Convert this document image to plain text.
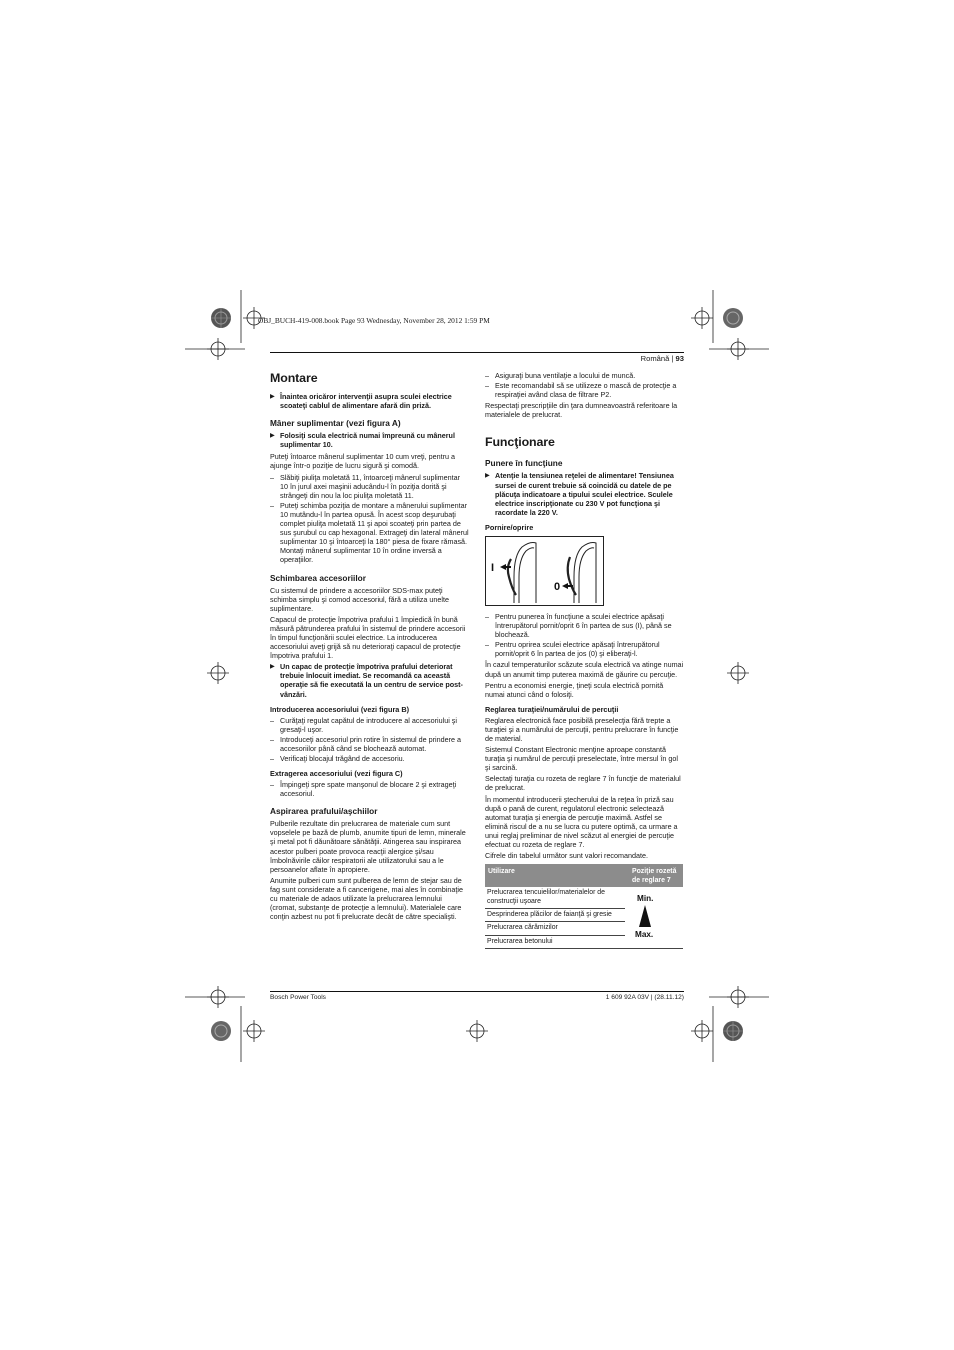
OBJ_BUCH-419-008.book Page 93 Wednesday, November 28, 2012 1:59 PM
Română | 93
Montare
▶ Înaintea oricăror intervenţii asupra sculei electrice scoateţi cablul de alimentare afară din priză.
Mâner suplimentar (vezi figura A)
▶ Folosiţi scula electrică numai împreună cu mânerul suplimentar 10.

Puteţi întoarce mânerul suplimentar 10 cum vreţi, pentru a ajunge într-o poziţie de lucru sigură şi comodă.

– Slăbiţi piuliţa moletată 11, întoarceţi mânerul suplimentar 10 în jurul axei maşinii aducându-l în poziţia dorită şi strângeţi din nou la loc piuliţa moletată 11.
– Puteţi schimba poziţia de montare a mânerului suplimentar 10 mutându-l în partea opusă. În acest scop deşurubaţi complet piuliţa moletată 11 şi apoi scoateţi prin partea de sus şurubul cu cap hexagonal. Extrageţi din lateral mânerul suplimentar 10 şi întoarceţi la 180° piesa de fixare rămasă. Montaţi mânerul suplimentar 10 în ordine inversă a operaţiilor.
Schimbarea accesoriilor

Cu sistemul de prindere a accesoriilor SDS-max puteţi schimba simplu şi comod accesoriul, fără a utiliza unelte suplimentare.

Capacul de protecţie împotriva prafului 1 împiedică în bună măsură pătrunderea prafului în sistemul de prindere accesorii în timpul funcţionării sculei electrice. La introducerea accesoriului aveţi grijă să nu deterioraţi capacul de protecţie împotriva prafului 1.

▶ Un capac de protecţie împotriva prafului deteriorat trebuie înlocuit imediat. Se recomandă ca această operaţie să fie executată la un centru de service post-vânzări.
Introducerea accesoriului (vezi figura B)
– Curăţaţi regulat capătul de introducere al accesoriului şi gresaţi-l uşor.
– Introduceţi accesoriul prin rotire în sistemul de prindere a accesoriilor până când se blochează automat.
– Verificaţi blocajul trăgând de accesoriu.
Extragerea accesoriului (vezi figura C)
– Împingeţi spre spate manşonul de blocare 2 şi extrageţi accesoriul.
Aspirarea prafului/aşchiilor

Pulberile rezultate din prelucrarea de materiale cum sunt vopselele pe bază de plumb, anumite tipuri de lemn, minerale şi metal pot fi dăunătoare sănătăţii. Atingerea sau inspirarea acestor pulberi poate provoca reacţii alergice şi/sau îmbolnăvirile căilor respiratorii ale utilizatorului sau a le persoanelor aflate în apropiere.

Anumite pulberi cum sunt pulberea de lemn de stejar sau de fag sunt considerate a fi cancerigene, mai ales în combinaţie cu materiale de adaos utilizate la prelucrarea lemnului (cromat, substanţe de protecţie a lemnului). Materialele care conţin azbest nu pot fi prelucrate decât de către specialişti.

– Asiguraţi buna ventilaţie a locului de muncă.
– Este recomandabil să se utilizeze o mască de protecţie a respiraţiei având clasa de filtrare P2.

Respectaţi prescripţiile din ţara dumneavoastră referitoare la materialele de prelucrat.

Funcţionare
Punere în funcţiune
▶ Atenţie la tensiunea reţelei de alimentare! Tensiunea sursei de curent trebuie să coincidă cu datele de pe plăcuţa indicatoare a tipului sculei electrice. Sculele electrice inscripţionate cu 230 V pot funcţiona şi racordate la 220 V.
Pornire/oprire
I
0
– Pentru punerea în funcţiune a sculei electrice apăsaţi întrerupătorul pornit/oprit 6 în partea de sus (I), până se blochează.
– Pentru oprirea sculei electrice apăsaţi întrerupătorul pornit/oprit 6 în partea de jos (0) şi eliberaţi-l.

În cazul temperaturilor scăzute scula electrică va atinge numai după un anumit timp puterea maximă de găurire cu percuţie.

Pentru a economisi energie, ţineţi scula electrică pornită numai atunci când o folosiţi.

Reglarea turaţiei/numărului de percuţii

Reglarea electronică face posibilă preselecţia fără trepte a turaţiei şi a numărului de percuţii, pentru prelucrare în funcţie de material.

Sistemul Constant Electronic menţine aproape constantă turaţia şi numărul de percuţii preselectate, între mersul în gol şi sarcină.

Selectaţi turaţia cu rozeta de reglare 7 în funcţie de materialul de prelucrat.

În momentul introducerii ştecherului de la reţea în priză sau după o pană de curent, regulatorul electronic selectează automat turaţia şi energia de percuţie maximă. Astfel se elimină riscul de a nu se lucra cu putere optimă, ca urmare a unui reglaj preliminar de nivel scăzut al energiei de percuţie efectuat cu rozeta de reglare 7.

Cifrele din tabelul următor sunt valori recomandate.

Utilizare	Poziţie rozetă de reglare 7
Prelucrarea tencuielilor/materialelor de construcţii uşoare
Desprinderea plăcilor de faianţă şi gresie
Prelucrarea cărămizilor
Prelucrarea betonului
Min.
Max.
Bosch Power Tools	1 609 92A 03V | (28.11.12)
